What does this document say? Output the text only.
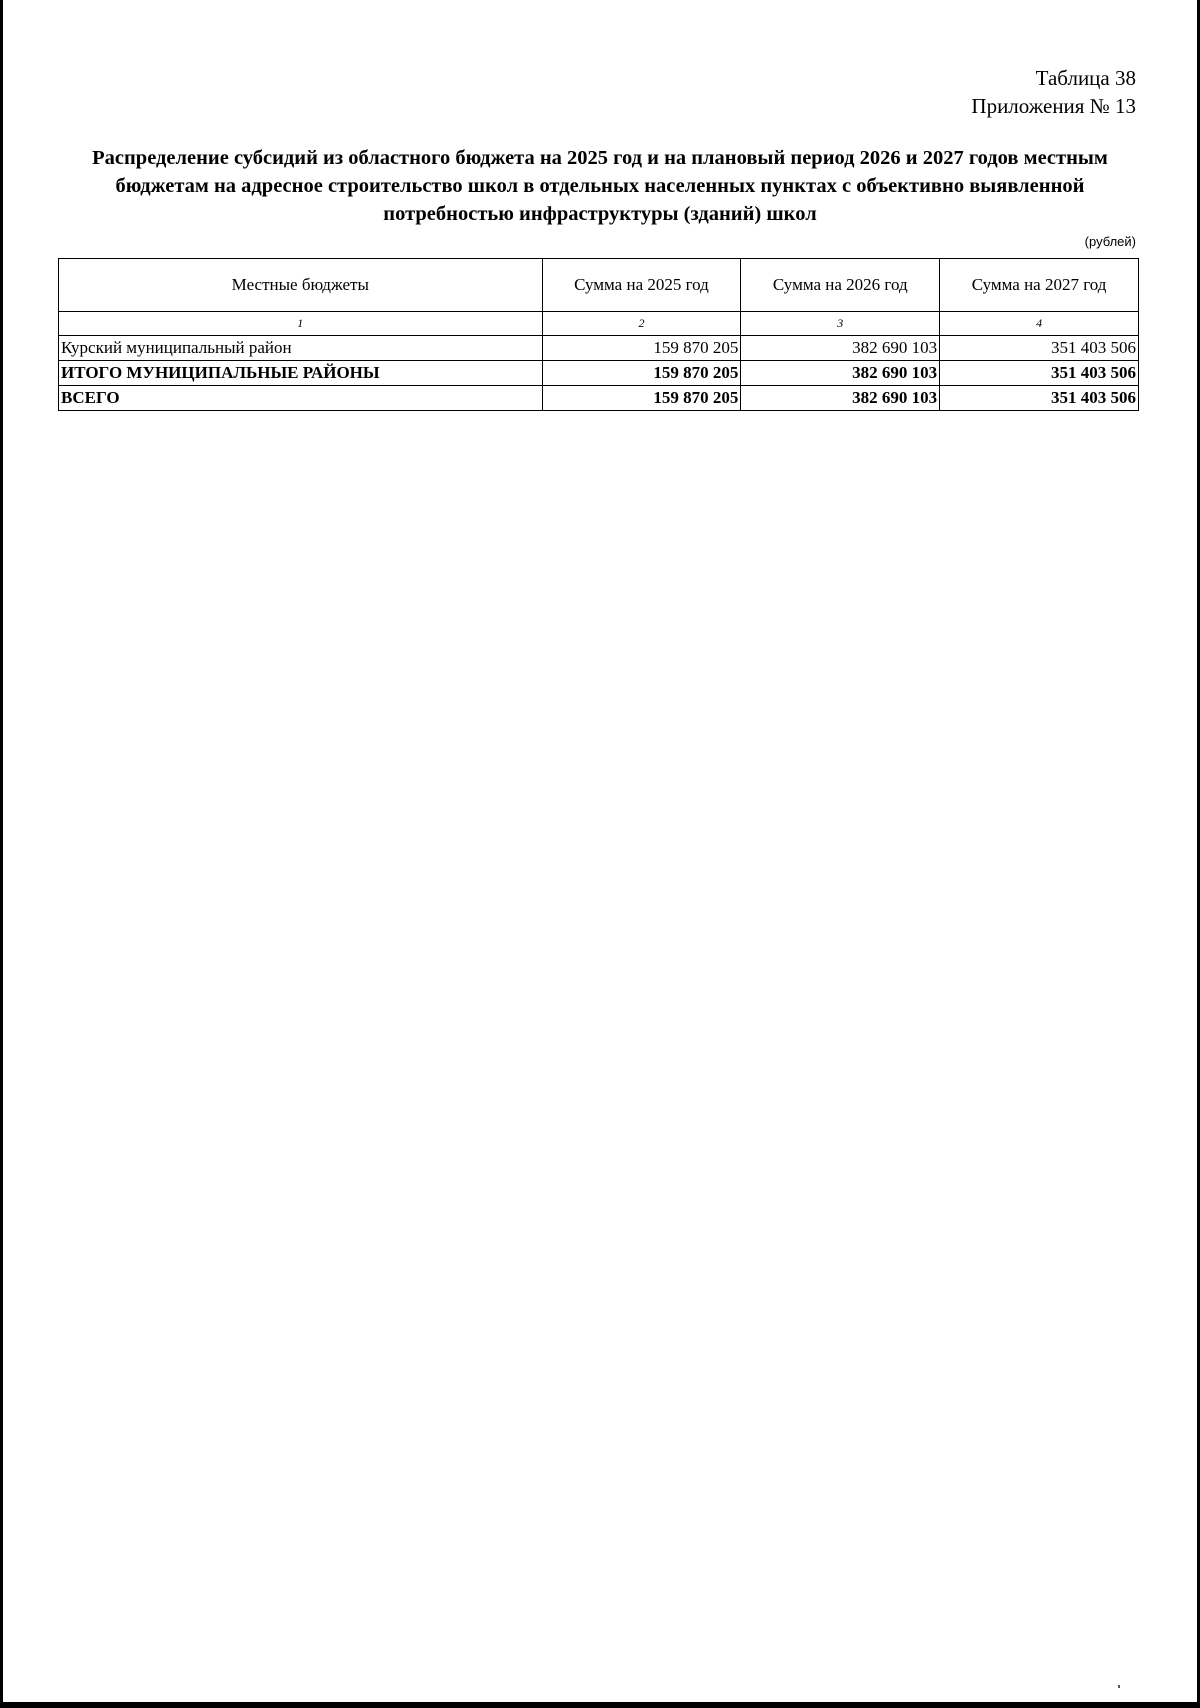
Таблица 38
Приложения № 13
Распределение субсидий из областного бюджета на 2025 год и на плановый период 2026 и 2027 годов местным бюджетам на адресное строительство школ в отдельных населенных пунктах с объективно выявленной потребностью инфраструктуры (зданий) школ
(рублей)
Местные бюджеты	Сумма на 2025 год	Сумма на 2026 год	Сумма на 2027 год
1	2	3	4
Курский муниципальный район	159 870 205	382 690 103	351 403 506
ИТОГО МУНИЦИПАЛЬНЫЕ РАЙОНЫ	159 870 205	382 690 103	351 403 506
ВСЕГО	159 870 205	382 690 103	351 403 506
